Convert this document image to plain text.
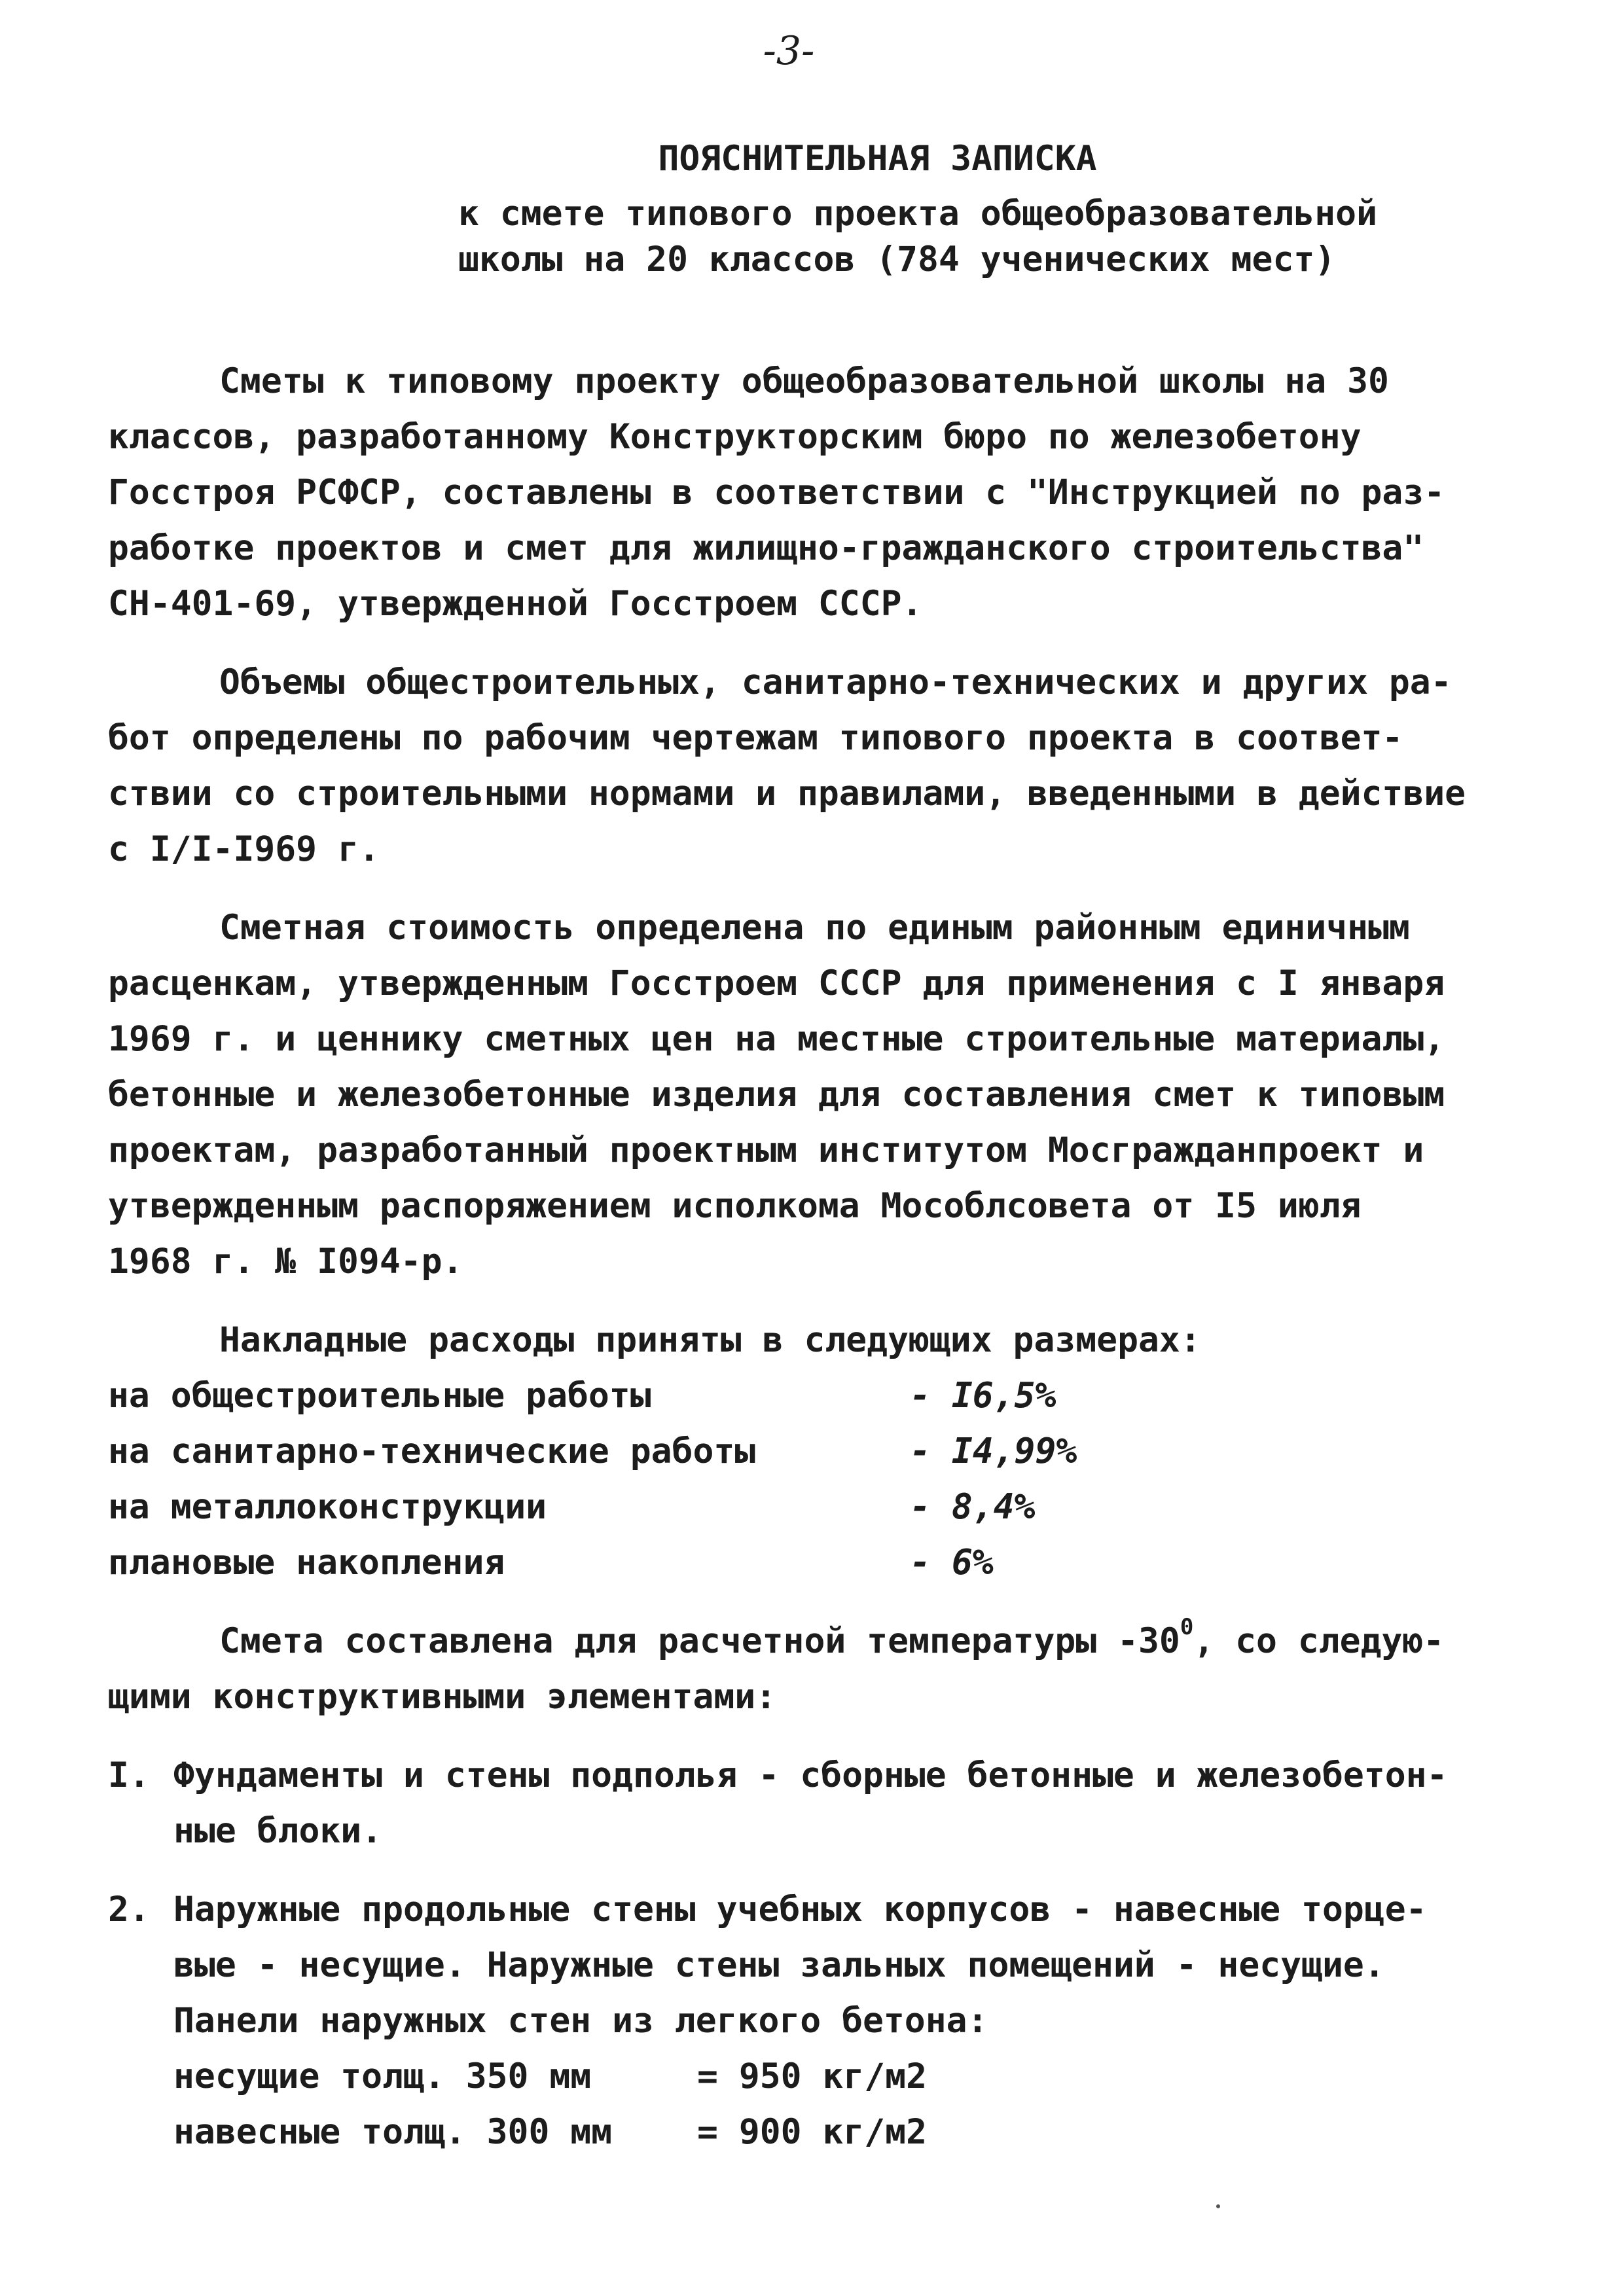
-3-
ПОЯСНИТЕЛЬНАЯ ЗАПИСКА
к смете типового проекта общеобразовательной
школы на 20 классов (784 ученических мест)
Сметы к типовому проекту общеобразовательной школы на 30
классов, разработанному Конструкторским бюро по железобетону
Госстроя РСФСР, составлены в соответствии с "Инструкцией по раз-
работке проектов и смет для жилищно-гражданского строительства"
СН-401-69, утвержденной Госстроем СССР.
Объемы общестроительных, санитарно-технических и других ра-
бот определены по рабочим чертежам типового проекта в соответ-
ствии со строительными нормами и правилами, введенными в действие
с I/I-I969 г.
Сметная стоимость определена по единым районным единичным
расценкам, утвержденным Госстроем СССР для применения с I января
1969 г. и ценнику сметных цен на местные строительные материалы,
бетонные и железобетонные изделия для составления смет к типовым
проектам, разработанный проектным институтом Мосгражданпроект и
утвержденным распоряжением исполкома Мособлсовета от I5 июля
1968 г. № I094-р.
Накладные расходы приняты в следующих размерах:
на общестроительные работы	- I6,5%
на санитарно-технические работы	- I4,99%
на металлоконструкции	- 8,4%
плановые накопления	- 6%
Смета составлена для расчетной температуры $-30^0$, со следую-
щими конструктивными элементами:
I. Фундаменты и стены подполья - сборные бетонные и железобетон-
ные блоки.
2. Наружные продольные стены учебных корпусов - навесные торце-
вые - несущие. Наружные стены зальных помещений - несущие.
Панели наружных стен из легкого бетона:
несущие толщ. 350 мм	= 950 кг/м2
навесные толщ. 300 мм	= 900 кг/м2
